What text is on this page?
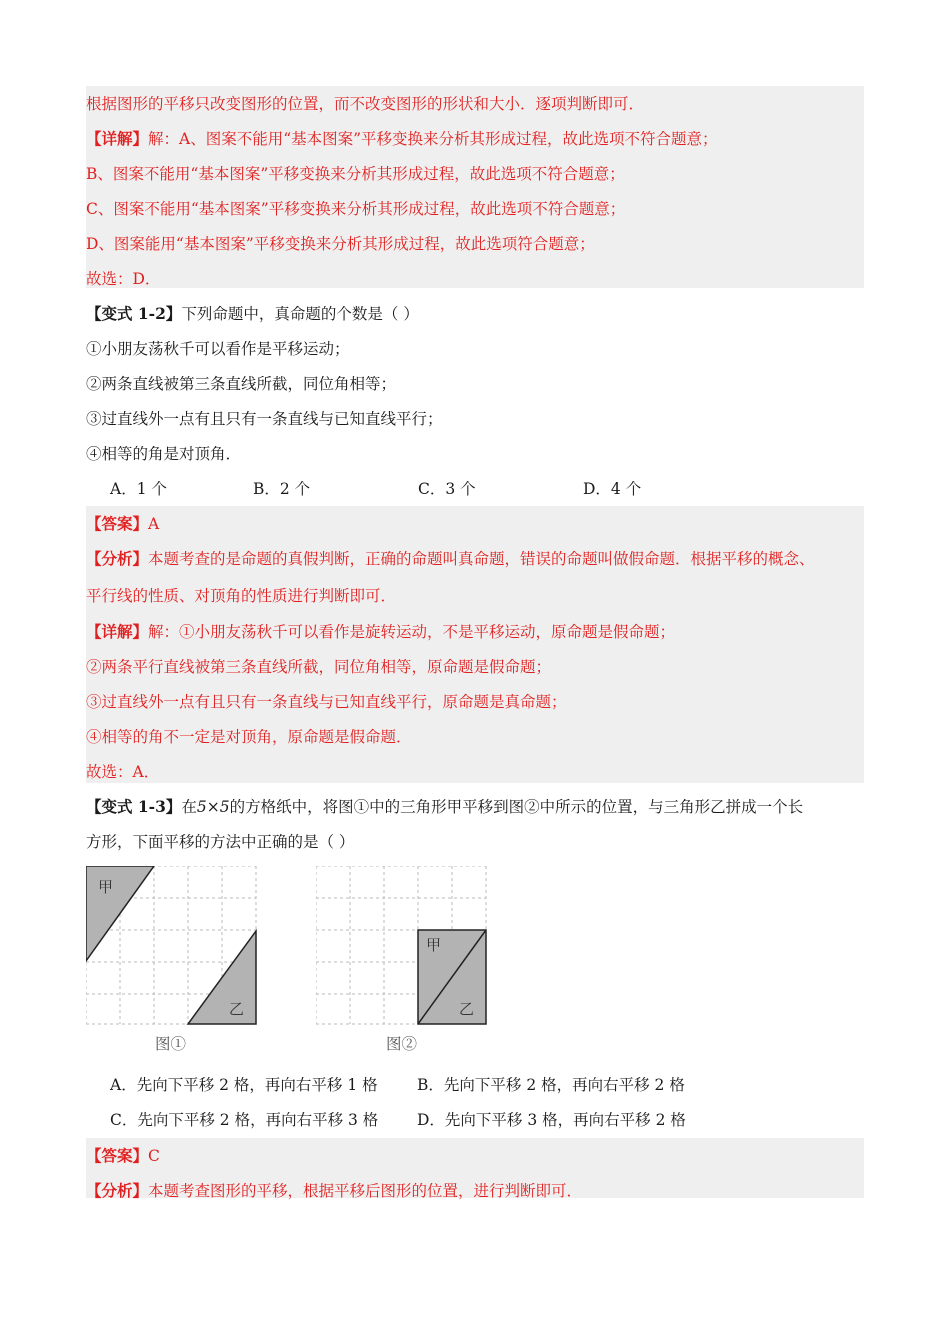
根据图形的平移只改变图形的位置，而不改变图形的形状和大小．逐项判断即可．
【详解】解：A、图案不能用“基本图案”平移变换来分析其形成过程，故此选项不符合题意；
B、图案不能用“基本图案”平移变换来分析其形成过程，故此选项不符合题意；
C、图案不能用“基本图案”平移变换来分析其形成过程，故此选项不符合题意；
D、图案能用“基本图案”平移变换来分析其形成过程，故此选项符合题意；
故选：D．
【变式 1-2】下列命题中，真命题的个数是（ ）
①小朋友荡秋千可以看作是平移运动；
②两条直线被第三条直线所截，同位角相等；
③过直线外一点有且只有一条直线与已知直线平行；
④相等的角是对顶角．
A．1 个	B．2 个	C．3 个	D．4 个
【答案】A
【分析】本题考查的是命题的真假判断，正确的命题叫真命题，错误的命题叫做假命题．根据平移的概念、
平行线的性质、对顶角的性质进行判断即可．
【详解】解：①小朋友荡秋千可以看作是旋转运动，不是平移运动，原命题是假命题；
②两条平行直线被第三条直线所截，同位角相等，原命题是假命题；
③过直线外一点有且只有一条直线与已知直线平行，原命题是真命题；
④相等的角不一定是对顶角，原命题是假命题．
故选：A．
【变式 1-3】在5×5的方格纸中，将图①中的三角形甲平移到图②中所示的位置，与三角形乙拼成一个长
方形，下面平移的方法中正确的是（ ）
甲
乙
图①
甲
乙
图②
A．先向下平移 2 格，再向右平移 1 格	B．先向下平移 2 格，再向右平移 2 格
C．先向下平移 2 格，再向右平移 3 格 D．先向下平移 3 格，再向右平移 2 格
【答案】C
【分析】本题考查图形的平移，根据平移后图形的位置，进行判断即可．
